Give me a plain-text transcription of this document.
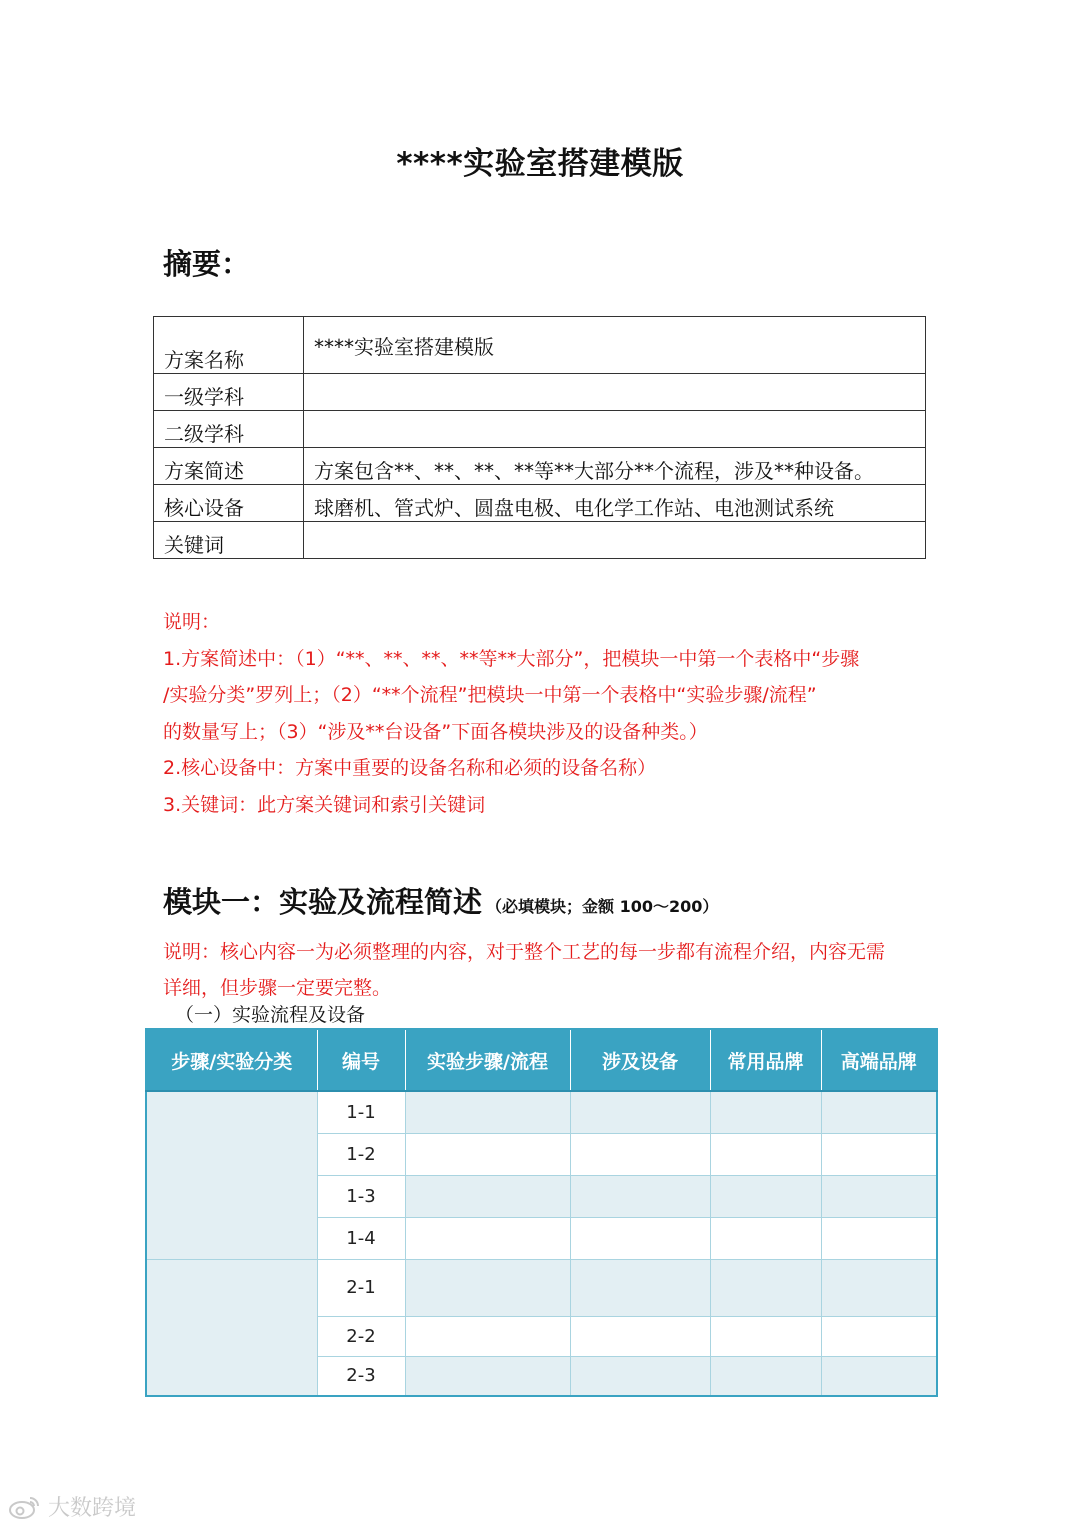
****实验室搭建模版
摘要：
方案名称	****实验室搭建模版
一级学科	
二级学科	
方案简述	方案包含**、**、**、**等**大部分**个流程，涉及**种设备。
核心设备	球磨机、管式炉、圆盘电极、电化学工作站、电池测试系统
关键词	
说明：
1.方案简述中：（1）“**、**、**、**等**大部分”，把模块一中第一个表格中“步骤
/实验分类”罗列上；（2）“**个流程”把模块一中第一个表格中“实验步骤/流程”
的数量写上；（3）“涉及**台设备”下面各模块涉及的设备种类。）
2.核心设备中：方案中重要的设备名称和必须的设备名称）
3.关键词：此方案关键词和索引关键词
模块一：实验及流程简述 （必填模块；金额 100～200）
说明：核心内容一为必须整理的内容，对于整个工艺的每一步都有流程介绍，内容无需
详细，但步骤一定要完整。
（一）实验流程及设备
步骤/实验分类	编号	实验步骤/流程	涉及设备	常用品牌	高端品牌
	1-1				
	1-2				
	1-3				
	1-4				
	2-1				
	2-2				
	2-3				
大数跨境
